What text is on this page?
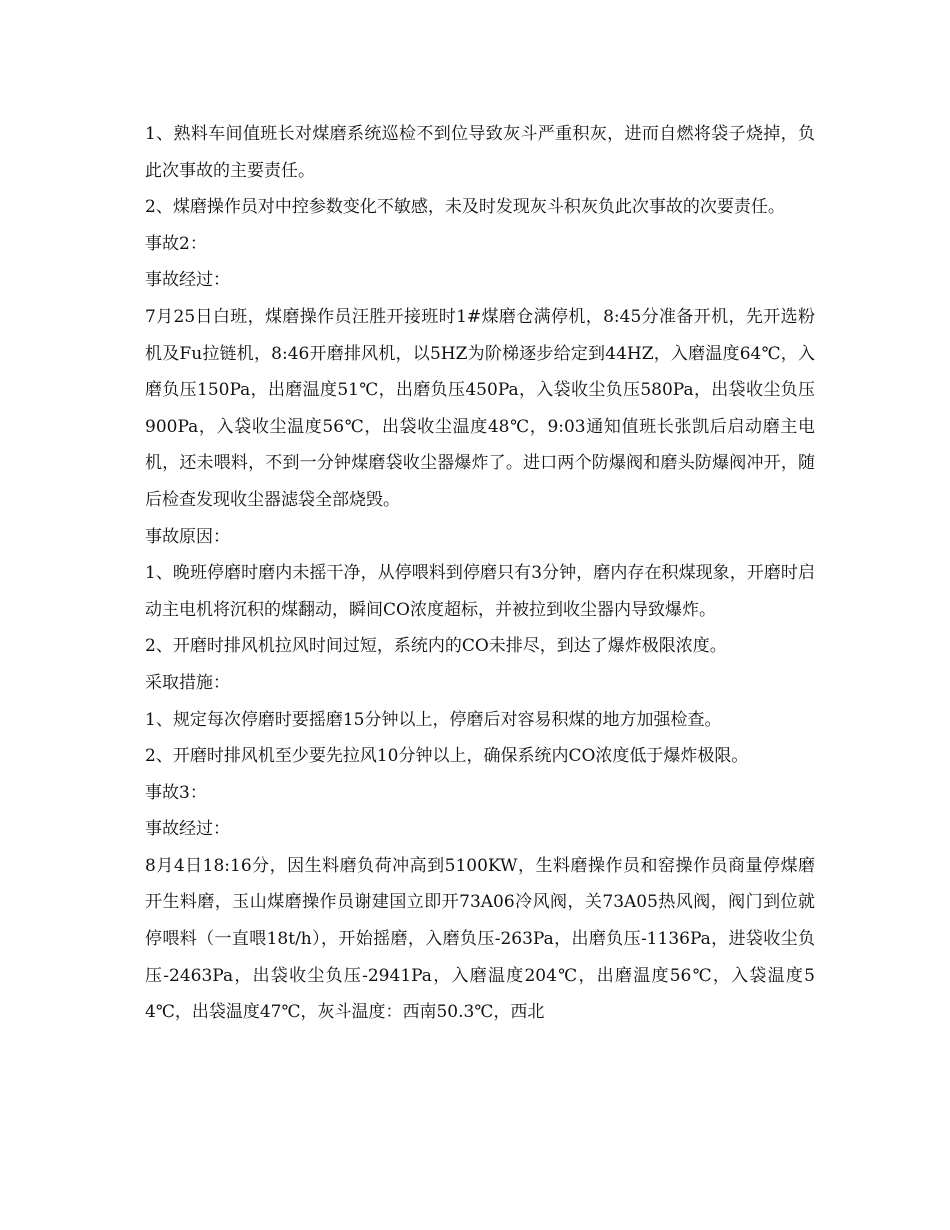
1、熟料车间值班长对煤磨系统巡检不到位导致灰斗严重积灰，进而自燃将袋子烧掉，负此次事故的主要责任。

2、煤磨操作员对中控参数变化不敏感，未及时发现灰斗积灰负此次事故的次要责任。

事故2：

事故经过：

7月25日白班，煤磨操作员汪胜开接班时1#煤磨仓满停机，8:45分准备开机，先开选粉机及Fu拉链机，8:46开磨排风机，以5HZ为阶梯逐步给定到44HZ，入磨温度64℃，入磨负压150Pa，出磨温度51℃，出磨负压450Pa，入袋收尘负压580Pa，出袋收尘负压900Pa，入袋收尘温度56℃，出袋收尘温度48℃，9:03通知值班长张凯后启动磨主电机，还未喂料，不到一分钟煤磨袋收尘器爆炸了。进口两个防爆阀和磨头防爆阀冲开，随后检查发现收尘器滤袋全部烧毁。

事故原因：

1、晚班停磨时磨内未摇干净，从停喂料到停磨只有3分钟，磨内存在积煤现象，开磨时启动主电机将沉积的煤翻动，瞬间CO浓度超标，并被拉到收尘器内导致爆炸。

2、开磨时排风机拉风时间过短，系统内的CO未排尽，到达了爆炸极限浓度。

采取措施：

1、规定每次停磨时要摇磨15分钟以上，停磨后对容易积煤的地方加强检查。

2、开磨时排风机至少要先拉风10分钟以上，确保系统内CO浓度低于爆炸极限。

事故3：

事故经过：

8月4日18:16分，因生料磨负荷冲高到5100KW，生料磨操作员和窑操作员商量停煤磨开生料磨，玉山煤磨操作员谢建国立即开73A06冷风阀，关73A05热风阀，阀门到位就停喂料（一直喂18t/h），开始摇磨，入磨负压-263Pa，出磨负压-1136Pa，进袋收尘负压-2463Pa，出袋收尘负压-2941Pa，入磨温度204℃，出磨温度56℃，入袋温度54℃，出袋温度47℃，灰斗温度：西南50.3℃，西北
